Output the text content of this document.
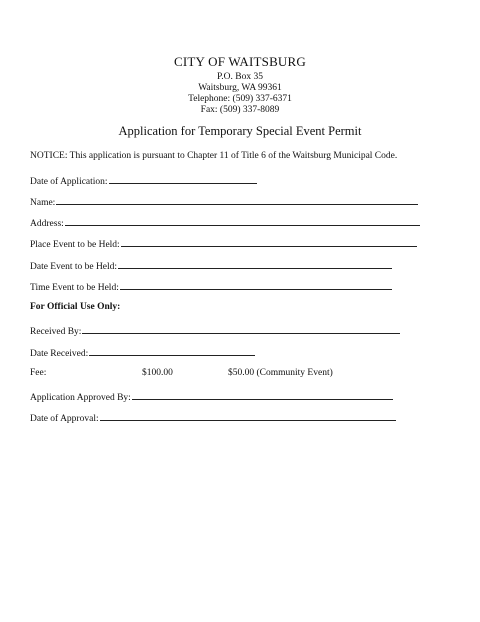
CITY OF WAITSBURG
P.O. Box 35
Waitsburg, WA 99361
Telephone: (509) 337-6371
Fax: (509) 337-8089
Application for Temporary Special Event Permit
NOTICE: This application is pursuant to Chapter 11 of Title 6 of the Waitsburg Municipal Code.
Date of Application:
Name:
Address:
Place Event to be Held:
Date Event to be Held:
Time Event to be Held:
For Official Use Only:
Received By:
Date Received:
Fee:	$100.00	$50.00 (Community Event)
Application Approved By:
Date of Approval:
